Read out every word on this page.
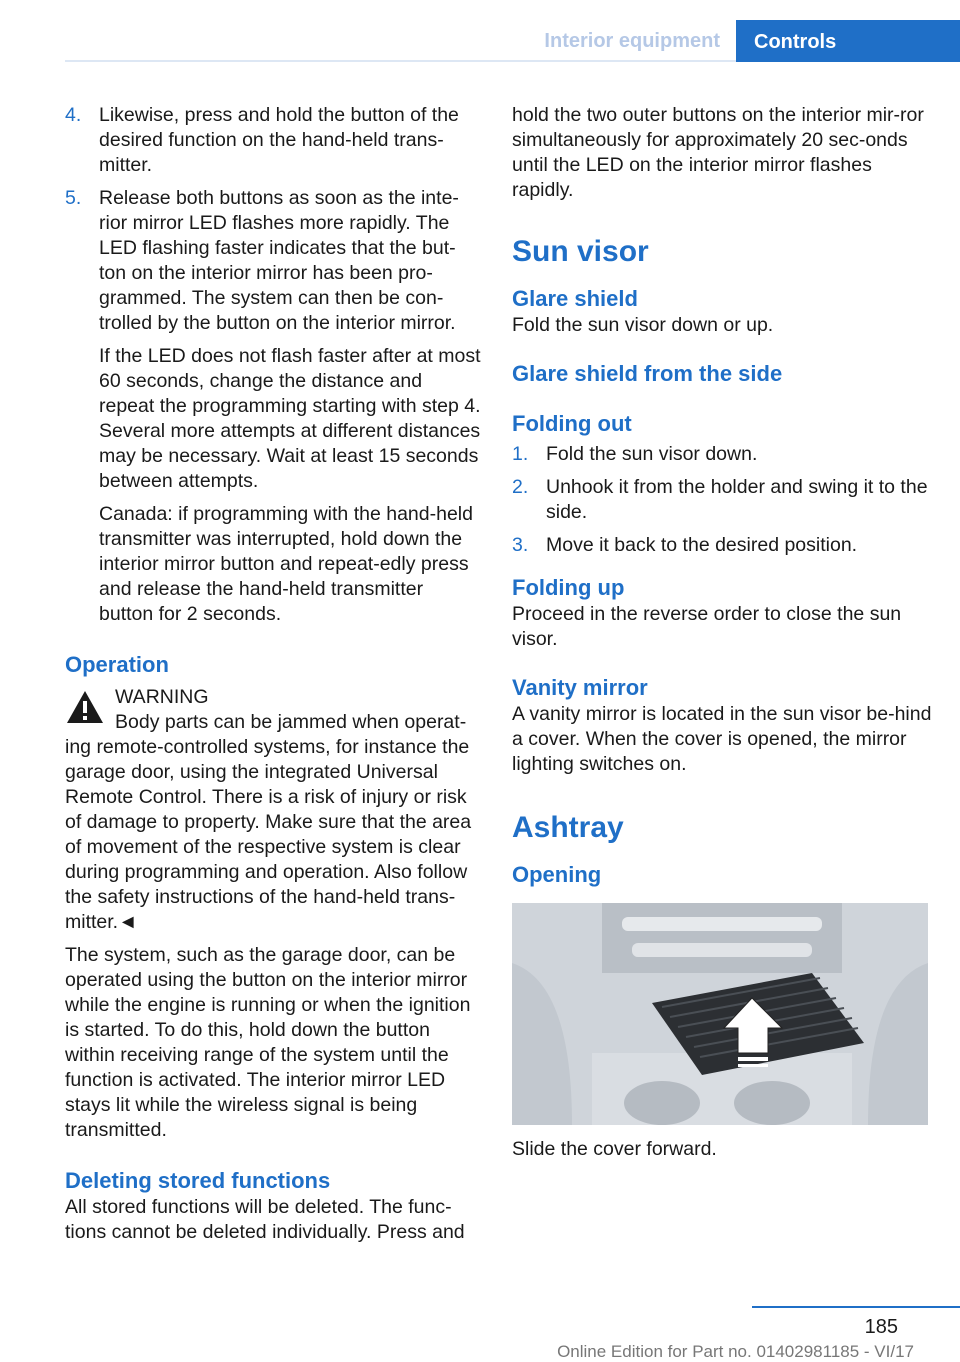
Interior equipment	Controls

4. Likewise, press and hold the button of the desired function on the hand-held trans-mitter.

5. Release both buttons as soon as the inte-rior mirror LED flashes more rapidly. The LED flashing faster indicates that the but-ton on the interior mirror has been pro-grammed. The system can then be con-trolled by the button on the interior mirror.

If the LED does not flash faster after at most 60 seconds, change the distance and repeat the programming starting with step 4. Several more attempts at different distances may be necessary. Wait at least 15 seconds between attempts.

Canada: if programming with the hand-held transmitter was interrupted, hold down the interior mirror button and repeat-edly press and release the hand-held transmitter button for 2 seconds.

Operation

WARNING

Body parts can be jammed when operat-ing remote-controlled systems, for instance the garage door, using the integrated Universal Remote Control. There is a risk of injury or risk of damage to property. Make sure that the area of movement of the respective system is clear during programming and operation. Also follow the safety instructions of the hand-held trans-mitter.◄

The system, such as the garage door, can be operated using the button on the interior mirror while the engine is running or when the ignition is started. To do this, hold down the button within receiving range of the system until the function is activated. The interior mirror LED stays lit while the wireless signal is being transmitted.

Deleting stored functions

All stored functions will be deleted. The func-tions cannot be deleted individually. Press and

hold the two outer buttons on the interior mir-ror simultaneously for approximately 20 sec-onds until the LED on the interior mirror flashes rapidly.

Sun visor

Glare shield

Fold the sun visor down or up.

Glare shield from the side

Folding out

1. Fold the sun visor down.

2. Unhook it from the holder and swing it to the side.

3. Move it back to the desired position.

Folding up

Proceed in the reverse order to close the sun visor.

Vanity mirror

A vanity mirror is located in the sun visor be-hind a cover. When the cover is opened, the mirror lighting switches on.

Ashtray

Opening

Slide the cover forward.

185
Online Edition for Part no. 01402981185 - VI/17
